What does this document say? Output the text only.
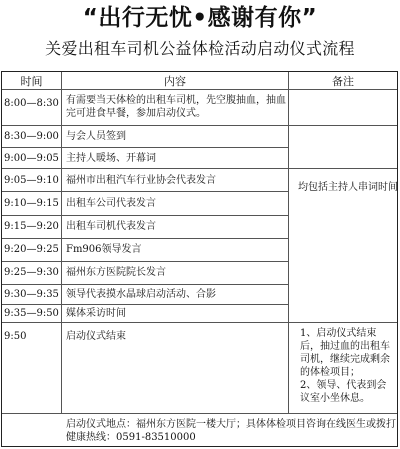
“出行无忧•感谢有你”
关爱出租车司机公益体检活动启动仪式流程
时间	内容	备注
8:00—8:30
8:30—9:00
9:00—9:05
9:05—9:10
9:10—9:15
9:15—9:20
9:20—9:25
9:25—9:30
9:30—9:35
9:35—9:50
9:50
有需要当天体检的出租车司机，先空腹抽血，抽血
完可进食早餐，参加启动仪式。
与会人员签到
主持人暖场、开幕词
福州市出租汽车行业协会代表发言
出租车公司代表发言
出租车司机代表发言
Fm906领导发言
福州东方医院院长发言
领导代表摸水晶球启动活动、合影
媒体采访时间
启动仪式结束
均包括主持人串词时间
1、启动仪式结束
后，抽过血的出租车
司机，继续完成剩余
的体检项目；
2、领导、代表到会
议室小坐休息。
启动仪式地点：福州东方医院一楼大厅；具体体检项目咨询在线医生或拨打
健康热线：0591-83510000
